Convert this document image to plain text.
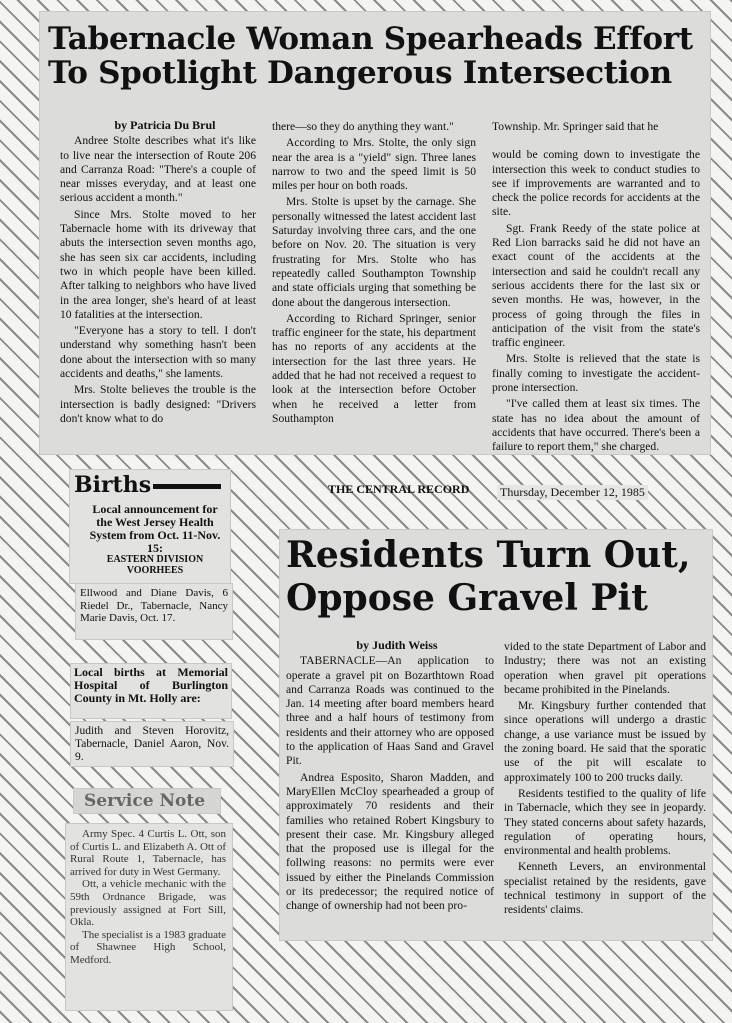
Tabernacle Woman Spearheads Effort
To Spotlight Dangerous Intersection

by Patricia Du Brul

Andree Stolte describes what it's like to live near the intersection of Route 206 and Carranza Road: "There's a couple of near misses everyday, and at least one serious accident a month."

Since Mrs. Stolte moved to her Tabernacle home with its driveway that abuts the intersection seven months ago, she has seen six car accidents, including two in which people have been killed. After talking to neighbors who have lived in the area longer, she's heard of at least 10 fatalities at the intersection.

"Everyone has a story to tell. I don't understand why something hasn't been done about the intersection with so many accidents and deaths," she laments.

Mrs. Stolte believes the trouble is the intersection is badly designed: "Drivers don't know what to do

there—so they do anything they want."

According to Mrs. Stolte, the only sign near the area is a "yield" sign. Three lanes narrow to two and the speed limit is 50 miles per hour on both roads.

Mrs. Stolte is upset by the carnage. She personally witnessed the latest accident last Saturday involving three cars, and the one before on Nov. 20. The situation is very frustrating for Mrs. Stolte who has repeatedly called Southampton Township and state officials urging that something be done about the dangerous intersection.

According to Richard Springer, senior traffic engineer for the state, his department has no reports of any accidents at the intersection for the last three years. He added that he had not received a request to look at the intersection before October when he received a letter from Southampton

Township. Mr. Springer said that he

would be coming down to investigate the intersection this week to conduct studies to see if improvements are warranted and to check the police records for accidents at the site.

Sgt. Frank Reedy of the state police at Red Lion barracks said he did not have an exact count of the accidents at the intersection and said he couldn't recall any serious accidents there for the last six or seven months. He was, however, in the process of going through the files in anticipation of the visit from the state's traffic engineer.

Mrs. Stolte is relieved that the state is finally coming to investigate the accident-prone intersection.

"I've called them at least six times. The state has no idea about the amount of accidents that have occurred. There's been a failure to report them," she charged.

THE CENTRAL RECORD	Thursday, December 12, 1985
Births
Local announcement for the West Jersey Health System from Oct. 11-Nov. 15:
EASTERN DIVISION VOORHEES
Ellwood and Diane Davis, 6 Riedel Dr., Tabernacle, Nancy Marie Davis, Oct. 17.
Local births at Memorial Hospital of Burlington County in Mt. Holly are:
Judith and Steven Horovitz, Tabernacle, Daniel Aaron, Nov. 9.
Service Note

Army Spec. 4 Curtis L. Ott, son of Curtis L. and Elizabeth A. Ott of Rural Route 1, Tabernacle, has arrived for duty in West Germany.

Ott, a vehicle mechanic with the 59th Ordnance Brigade, was previously assigned at Fort Sill, Okla.

The specialist is a 1983 graduate of Shawnee High School, Medford.

Residents Turn Out,
Oppose Gravel Pit

by Judith Weiss

TABERNACLE—An application to operate a gravel pit on Bozarthtown Road and Carranza Roads was continued to the Jan. 14 meeting after board members heard three and a half hours of testimony from residents and their attorney who are opposed to the application of Haas Sand and Gravel Pit.

Andrea Esposito, Sharon Madden, and MaryEllen McCloy spearheaded a group of approximately 70 residents and their families who retained Robert Kingsbury to present their case. Mr. Kingsbury alleged that the proposed use is illegal for the follwing reasons: no permits were ever issued by either the Pinelands Commission or its predecessor; the required notice of change of ownership had not been pro-

vided to the state Department of Labor and Industry; there was not an existing operation when gravel pit operations became prohibited in the Pinelands.

Mr. Kingsbury further contended that since operations will undergo a drastic change, a use variance must be issued by the zoning board. He said that the sporatic use of the pit will escalate to approximately 100 to 200 trucks daily.

Residents testified to the quality of life in Tabernacle, which they see in jeopardy. They stated concerns about safety hazards, regulation of operating hours, environmental and health problems.

Kenneth Levers, an environmental specialist retained by the residents, gave technical testimony in support of the residents' claims.
